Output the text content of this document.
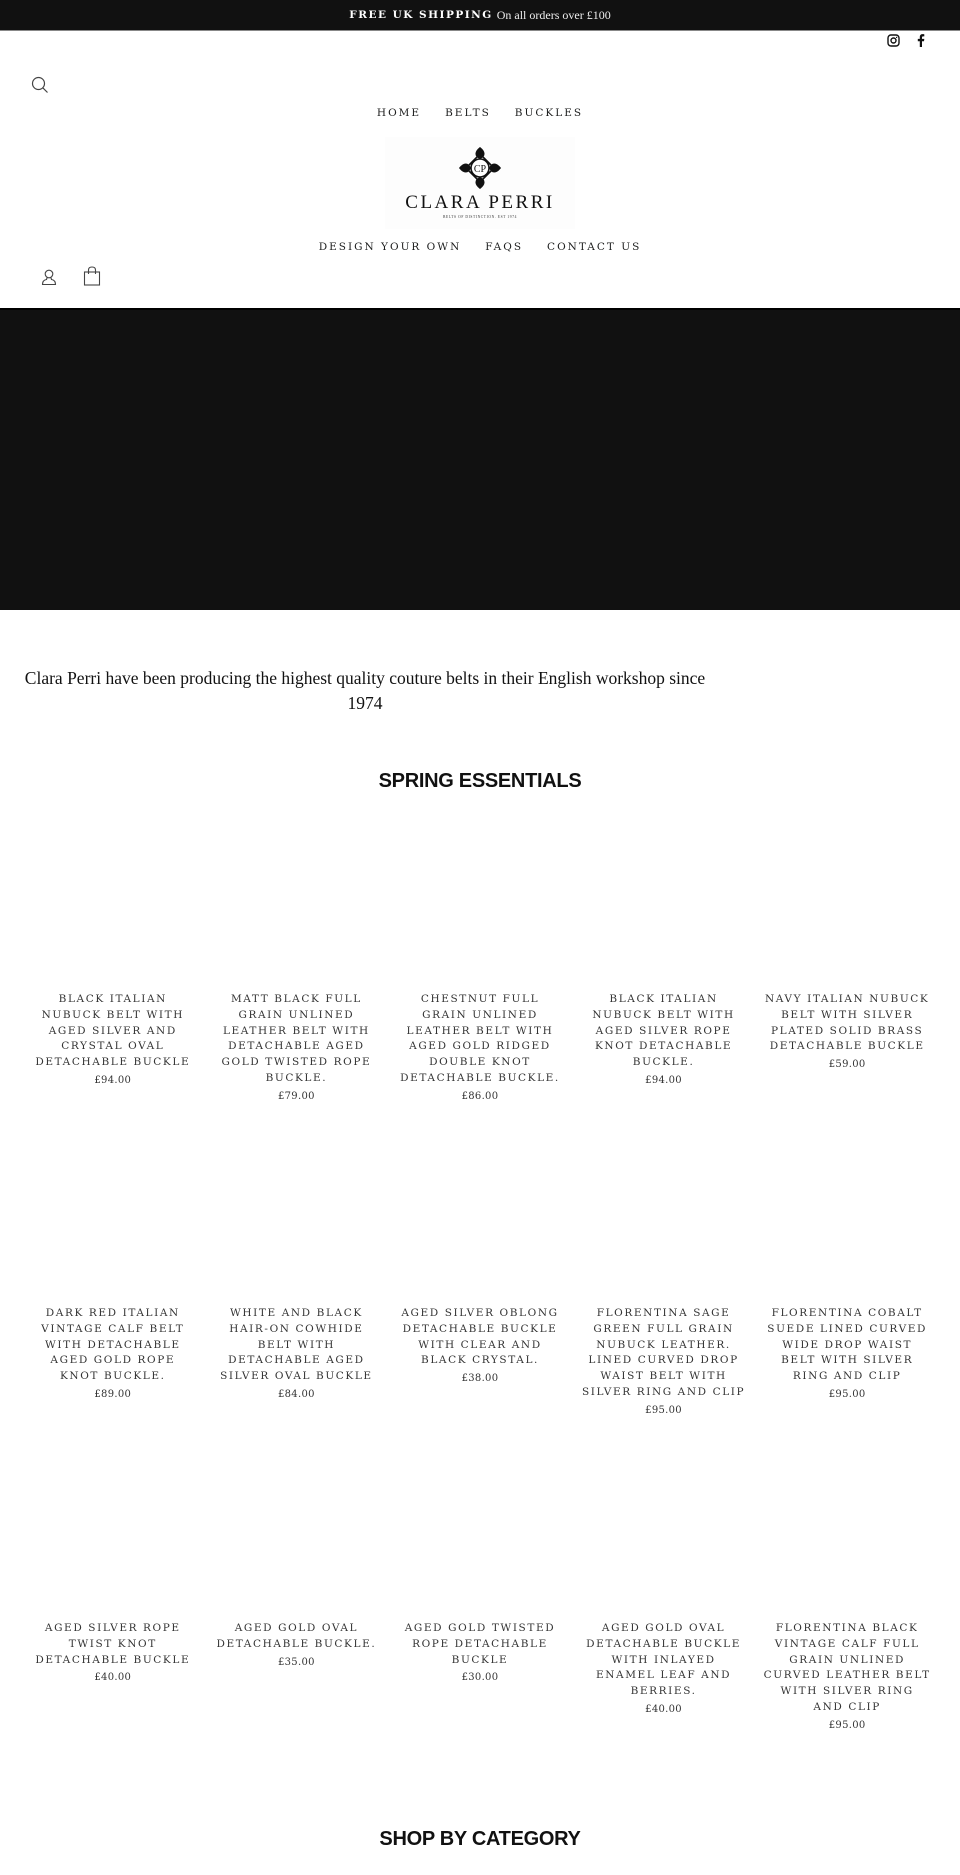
FREE UK SHIPPING On all orders over £100
HOME	BELTS	BUCKLES
CP
CLARA PERRI
BELTS OF DISTINCTION. EST 1974
DESIGN YOUR OWN	FAQS	CONTACT US

Clara Perri have been producing the highest quality couture belts in their English workshop since 1974

SPRING ESSENTIALS
BLACK ITALIAN NUBUCK BELT WITH AGED SILVER AND CRYSTAL OVAL DETACHABLE BUCKLE
£94.00
MATT BLACK FULL GRAIN UNLINED LEATHER BELT WITH DETACHABLE AGED GOLD TWISTED ROPE BUCKLE.
£79.00
CHESTNUT FULL GRAIN UNLINED LEATHER BELT WITH AGED GOLD RIDGED DOUBLE KNOT DETACHABLE BUCKLE.
£86.00
BLACK ITALIAN NUBUCK BELT WITH AGED SILVER ROPE KNOT DETACHABLE BUCKLE.
£94.00
NAVY ITALIAN NUBUCK BELT WITH SILVER PLATED SOLID BRASS DETACHABLE BUCKLE
£59.00
DARK RED ITALIAN VINTAGE CALF BELT WITH DETACHABLE AGED GOLD ROPE KNOT BUCKLE.
£89.00
WHITE AND BLACK HAIR-ON COWHIDE BELT WITH DETACHABLE AGED SILVER OVAL BUCKLE
£84.00
AGED SILVER OBLONG DETACHABLE BUCKLE WITH CLEAR AND BLACK CRYSTAL.
£38.00
FLORENTINA SAGE GREEN FULL GRAIN NUBUCK LEATHER. LINED CURVED DROP WAIST BELT WITH SILVER RING AND CLIP
£95.00
FLORENTINA COBALT SUEDE LINED CURVED WIDE DROP WAIST BELT WITH SILVER RING AND CLIP
£95.00
AGED SILVER ROPE TWIST KNOT DETACHABLE BUCKLE
£40.00
AGED GOLD OVAL DETACHABLE BUCKLE.
£35.00
AGED GOLD TWISTED ROPE DETACHABLE BUCKLE
£30.00
AGED GOLD OVAL DETACHABLE BUCKLE WITH INLAYED ENAMEL LEAF AND BERRIES.
£40.00
FLORENTINA BLACK VINTAGE CALF FULL GRAIN UNLINED CURVED LEATHER BELT WITH SILVER RING AND CLIP
£95.00
SHOP BY CATEGORY
